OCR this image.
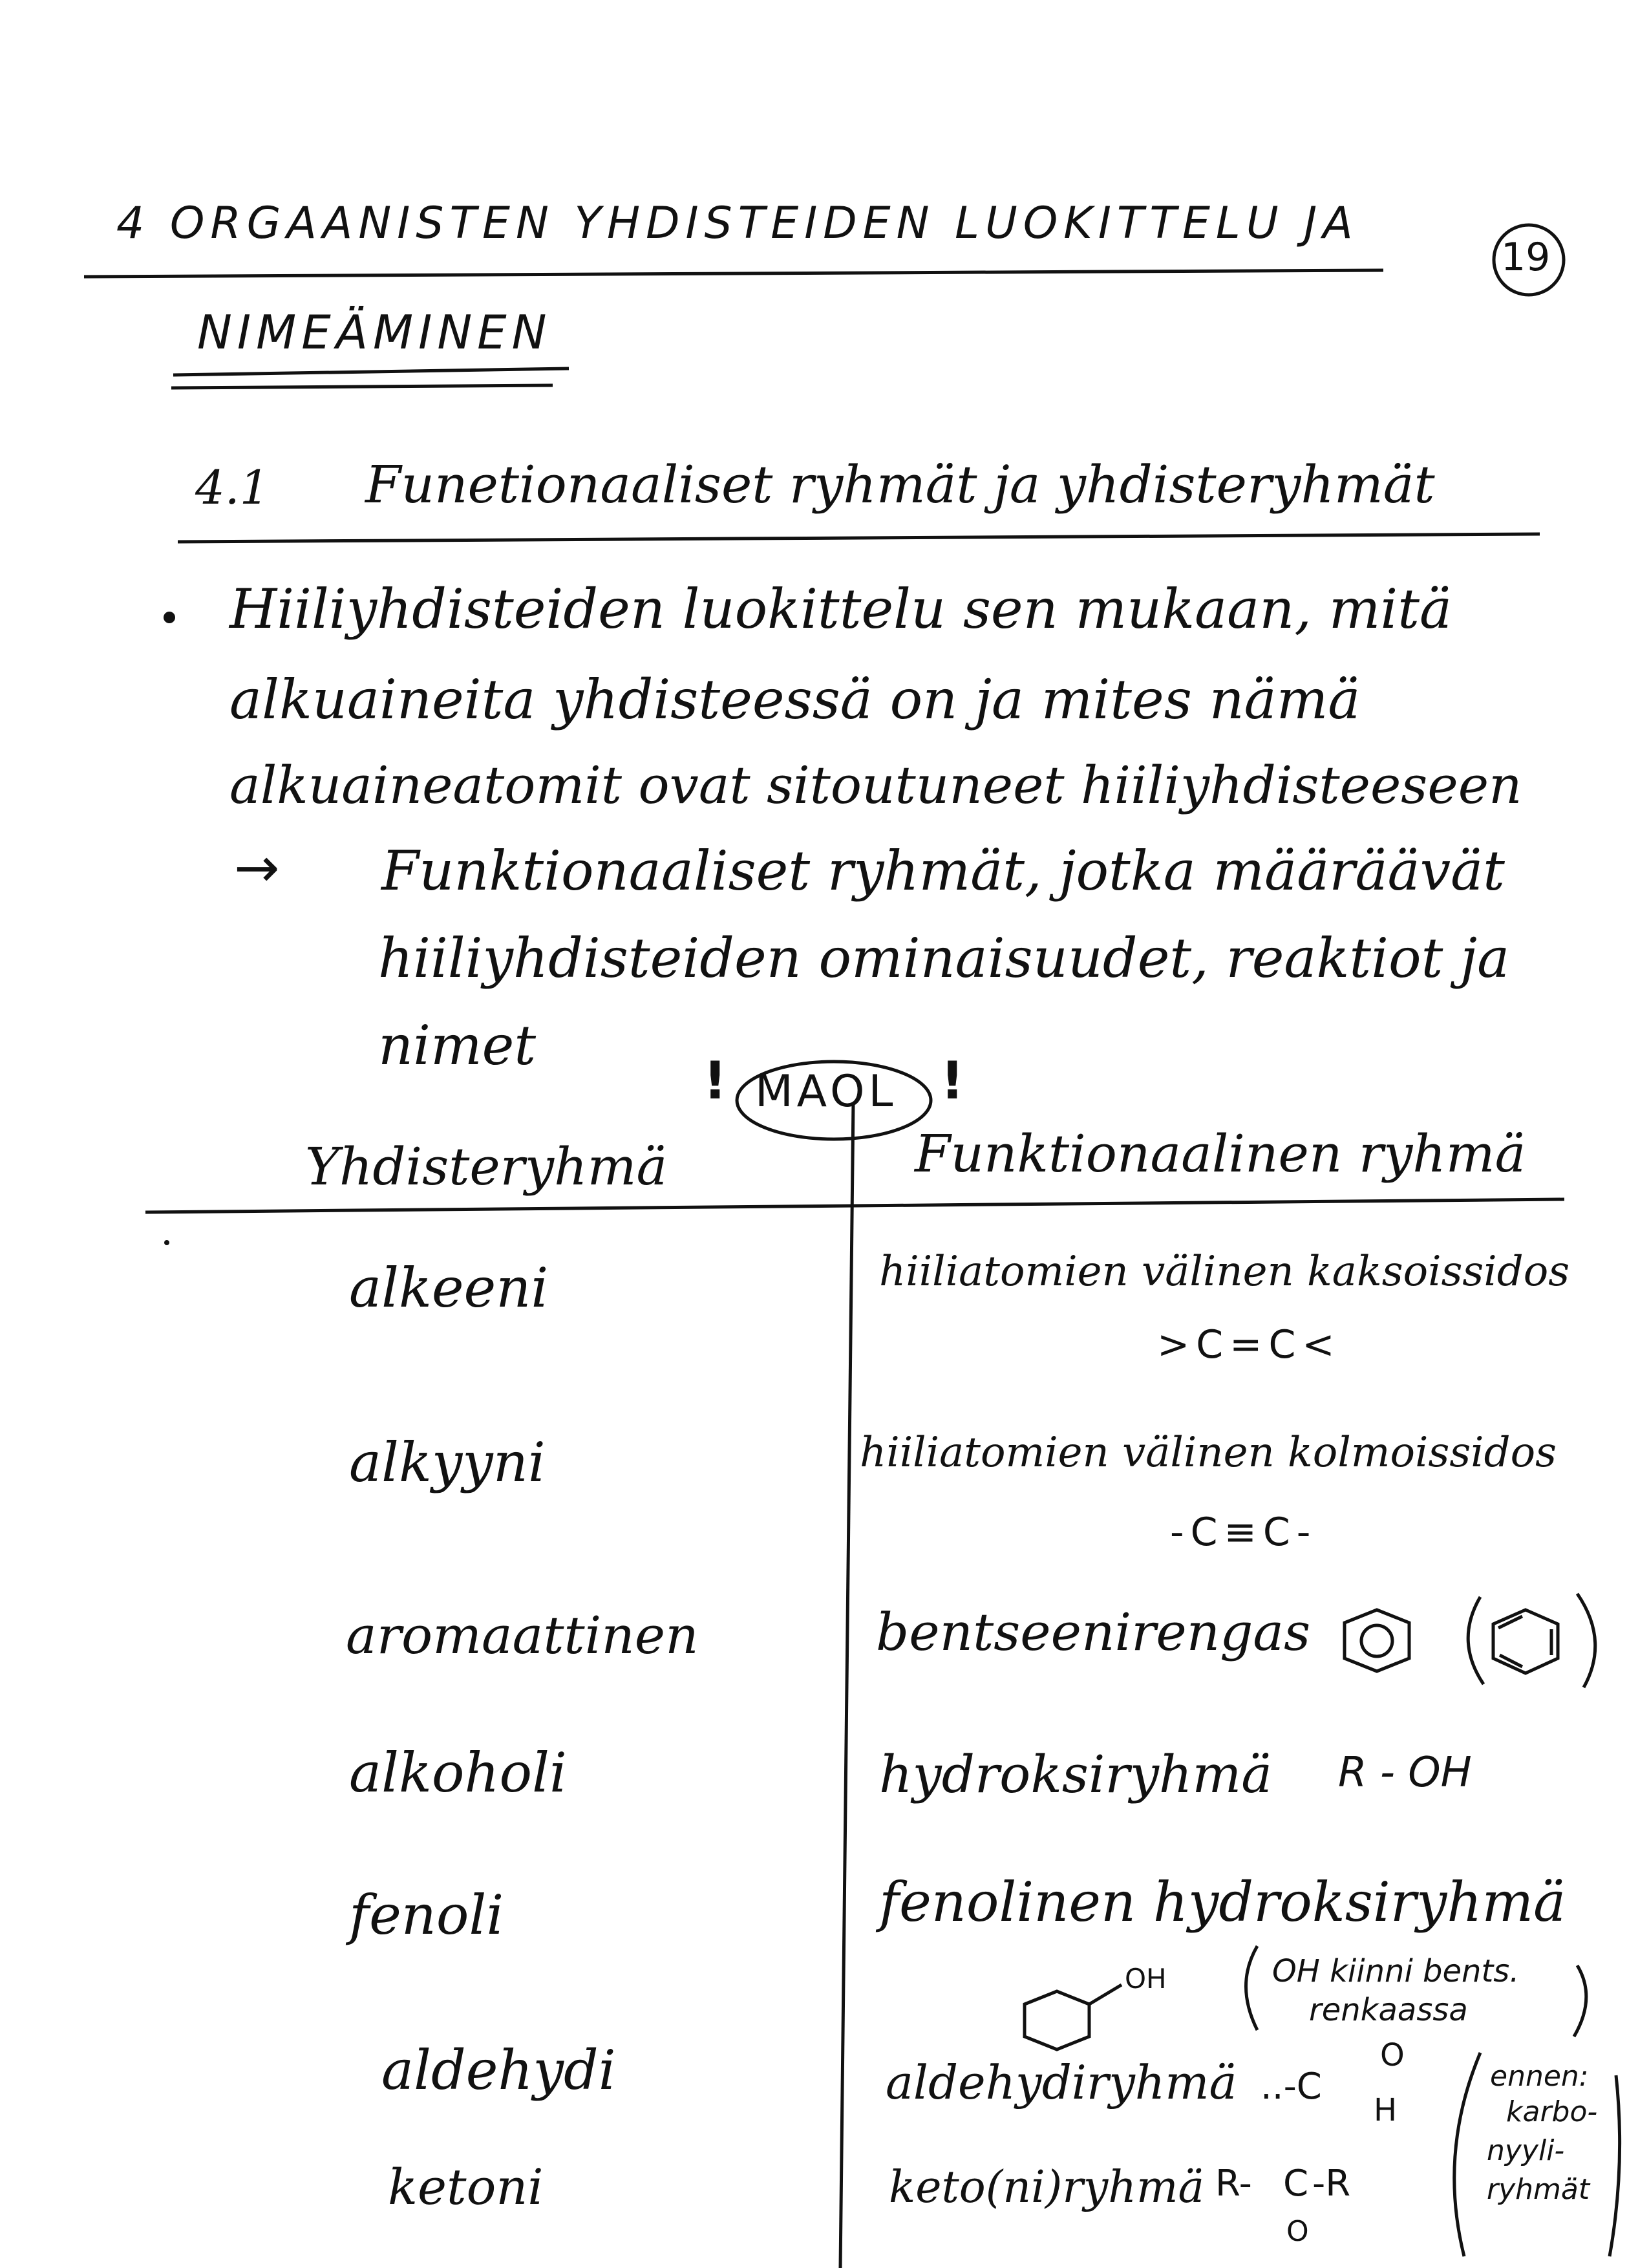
19
4 ORGAANISTEN YHDISTEIDEN LUOKITTELU JA
NIMEÄMINEN
4.1 Funetionaaliset ryhmät ja yhdisteryhmät
Hiiliyhdisteiden luokittelu sen mukaan, mitä
alkuaineita yhdisteessä on ja mites nämä
alkuaineatomit ovat sitoutuneet hiiliyhdisteeseen
→ Funktionaaliset ryhmät, jotka määräävät
hiiliyhdisteiden ominaisuudet, reaktiot ja
nimet
! MAOL !
Yhdisteryhmä	Funktionaalinen ryhmä
alkeeni	hiiliatomien välinen kaksoissidos
>C=C<
alkyyni	hiiliatomien välinen kolmoissidos
-C≡C-
aromaattinen	bentseenirengas
alkoholi	hydroksiryhmä R - OH
fenoli	fenolinen hydroksiryhmä
OH	OH kiinni bents.
renkaassa
aldehydi	aldehydiryhmä ..-C
O
H
ketoni	keto(ni)ryhmä R- C -R
O
ennen:
karbo-
nyyli-
ryhmät
